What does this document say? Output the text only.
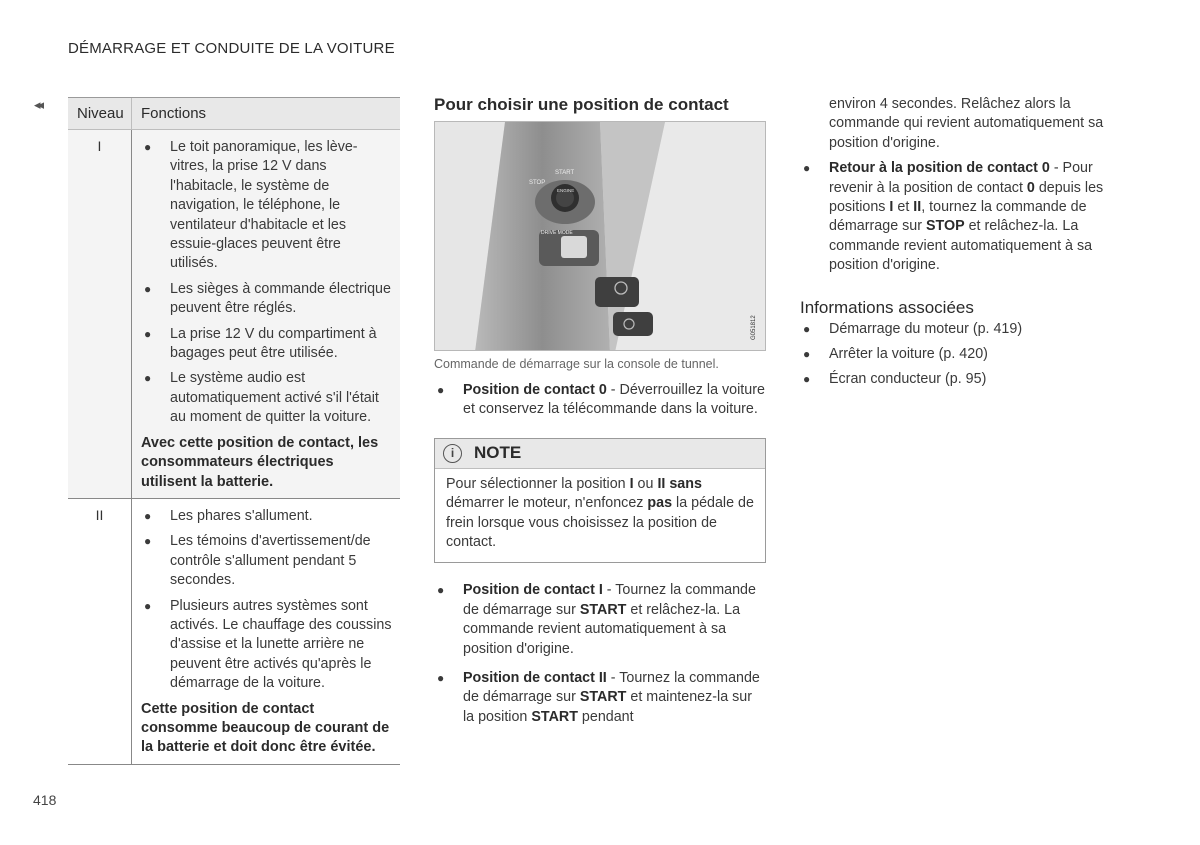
DÉMARRAGE ET CONDUITE DE LA VOITURE
◂◂
Niveau	Fonctions
I	● Le toit panoramique, les lève-vitres, la prise 12 V dans l'habitacle, le système de navigation, le téléphone, le ventilateur d'habitacle et les essuie-glaces peuvent être utilisés.
● Les sièges à commande électrique peuvent être réglés.
● La prise 12 V du compartiment à bagages peut être utilisée.
● Le système audio est automatiquement activé s'il l'était au moment de quitter la voiture.
Avec cette position de contact, les consommateurs électriques utilisent la batterie.
II	● Les phares s'allument.
● Les témoins d'avertissement/de contrôle s'allument pendant 5 secondes.
● Plusieurs autres systèmes sont activés. Le chauffage des coussins d'assise et la lunette arrière ne peuvent être activés qu'après le démarrage de la voiture.
Cette position de contact consomme beaucoup de courant de la batterie et doit donc être évitée.
Pour choisir une position de contact
STOP
START
ENGINE
DRIVE MODE
G051812
Commande de démarrage sur la console de tunnel.
● Position de contact 0 - Déverrouillez la voiture et conservez la télécommande dans la voiture.
i	NOTE
Pour sélectionner la position I ou II sans démarrer le moteur, n'enfoncez pas la pédale de frein lorsque vous choisissez la position de contact.
● Position de contact I - Tournez la commande de démarrage sur START et relâchez-la. La commande revient automatiquement à sa position d'origine.
● Position de contact II - Tournez la commande de démarrage sur START et maintenez-la sur la position START pendant
environ 4 secondes. Relâchez alors la commande qui revient automatiquement sa position d'origine.
● Retour à la position de contact 0 - Pour revenir à la position de contact 0 depuis les positions I et II, tournez la commande de démarrage sur STOP et relâchez-la. La commande revient automatiquement à sa position d'origine.
Informations associées
● Démarrage du moteur (p. 419)
● Arrêter la voiture (p. 420)
● Écran conducteur (p. 95)
418
